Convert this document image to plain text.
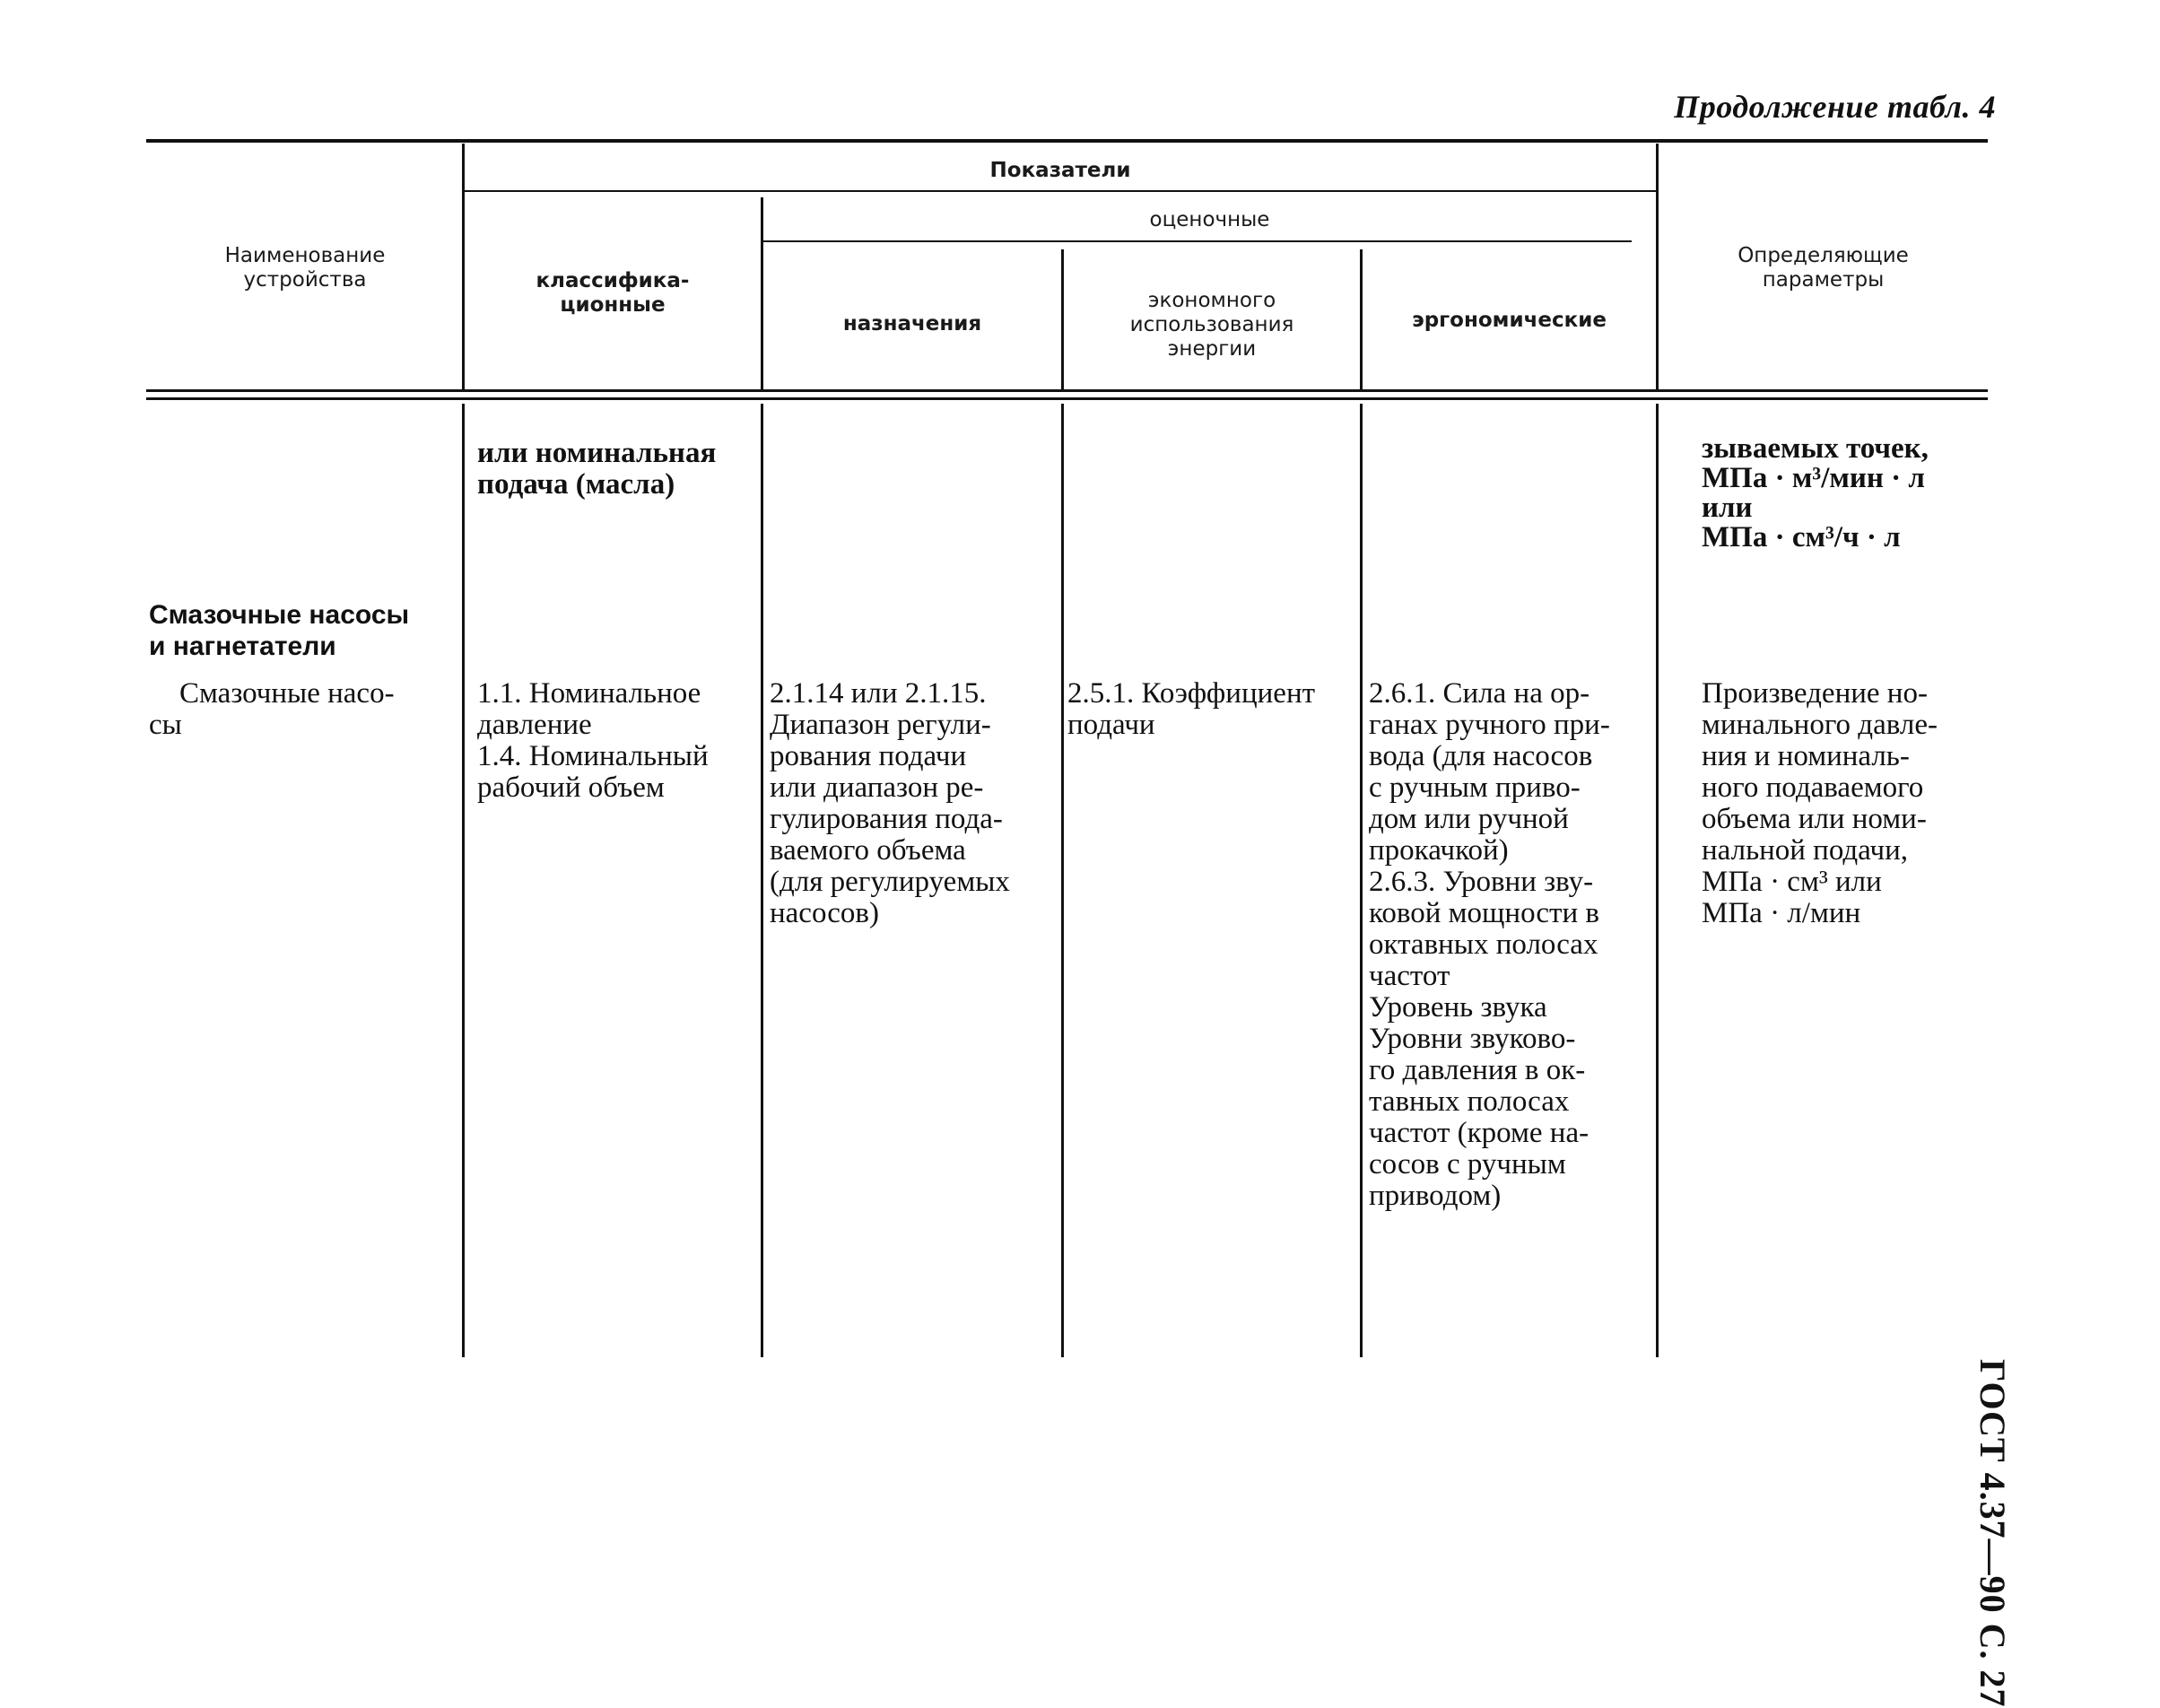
Продолжение табл. 4
Наименование
устройства
Показатели
классифика-
ционные
оценочные
назначения
экономного
использования
энергии
эргономические
Определяющие
параметры
или номинальная
подача (масла)
зываемых точек,
МПа · м³/мин · л
или
МПа · см³/ч · л
Смазочные насосы
и нагнетатели
Смазочные насо-
сы
1.1. Номинальное
давление
1.4. Номинальный
рабочий объем
2.1.14 или 2.1.15.
Диапазон регули-
рования подачи
или диапазон ре-
гулирования пода-
ваемого объема
(для регулируемых
насосов)
2.5.1. Коэффициент
подачи
2.6.1. Сила на ор-
ганах ручного при-
вода (для насосов
с ручным приво-
дом или ручной
прокачкой)
2.6.3. Уровни зву-
ковой мощности в
октавных полосах
частот
Уровень звука
Уровни звуково-
го давления в ок-
тавных полосах
частот (кроме на-
сосов с ручным
приводом)
Произведение но-
минального давле-
ния и номиналь-
ного подаваемого
объема или номи-
нальной подачи,
МПа · см³ или
МПа · л/мин
ГОСТ 4.37—90 С. 27
